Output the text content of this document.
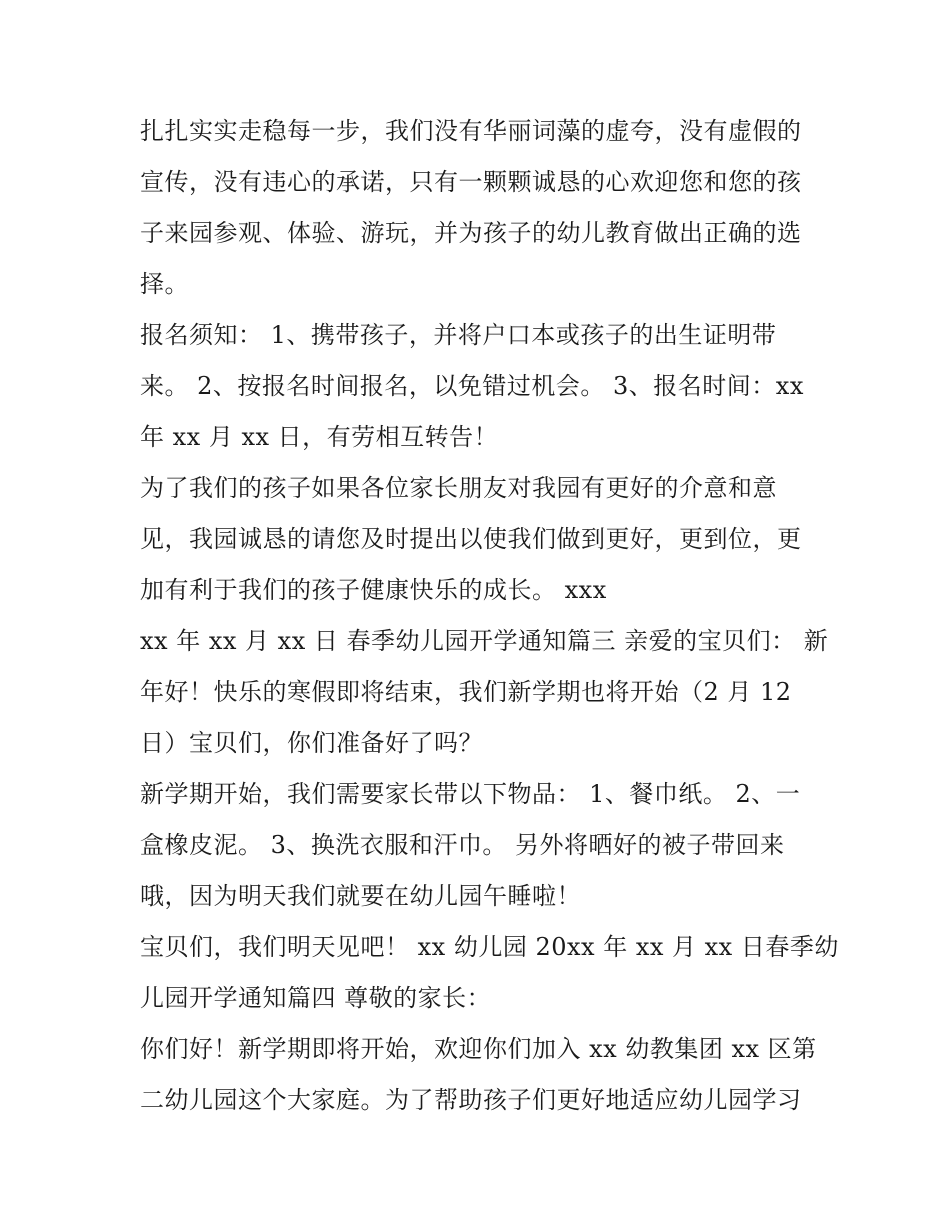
扎扎实实走稳每一步，我们没有华丽词藻的虚夸，没有虚假的
宣传，没有违心的承诺，只有一颗颗诚恳的心欢迎您和您的孩
子来园参观、体验、游玩，并为孩子的幼儿教育做出正确的选
择。
报名须知： 1、携带孩子，并将户口本或孩子的出生证明带
来。 2、按报名时间报名，以免错过机会。 3、报名时间：xx
年 xx 月 xx 日，有劳相互转告！
为了我们的孩子如果各位家长朋友对我园有更好的介意和意
见，我园诚恳的请您及时提出以使我们做到更好，更到位，更
加有利于我们的孩子健康快乐的成长。 xxx
xx 年 xx 月 xx 日 春季幼儿园开学通知篇三 亲爱的宝贝们： 新
年好！快乐的寒假即将结束，我们新学期也将开始（2 月 12
日）宝贝们，你们准备好了吗？
新学期开始，我们需要家长带以下物品： 1、餐巾纸。 2、一
盒橡皮泥。 3、换洗衣服和汗巾。 另外将晒好的被子带回来
哦，因为明天我们就要在幼儿园午睡啦！
宝贝们，我们明天见吧！ xx 幼儿园 20xx 年 xx 月 xx 日春季幼
儿园开学通知篇四 尊敬的家长：
你们好！新学期即将开始，欢迎你们加入 xx 幼教集团 xx 区第
二幼儿园这个大家庭。为了帮助孩子们更好地适应幼儿园学习
